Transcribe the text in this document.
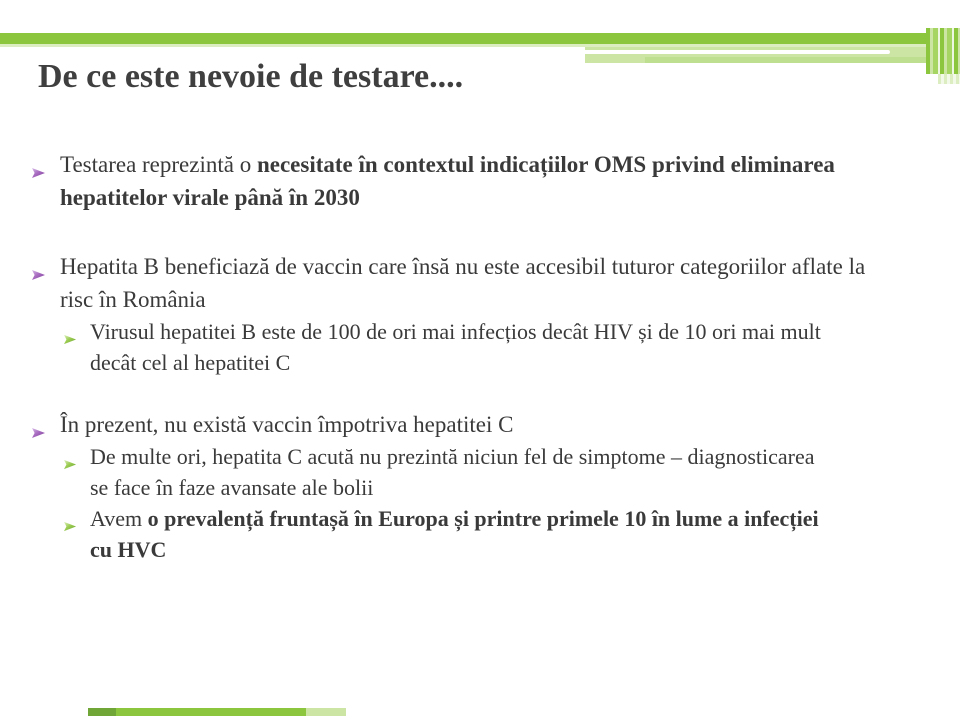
De ce este nevoie de testare....
Testarea reprezintă o necesitate în contextul indicațiilor OMS privind eliminarea
hepatitelor virale până în 2030
Hepatita B beneficiază de vaccin care însă nu este accesibil tuturor categoriilor aflate la
risc în România
Virusul hepatitei B este de 100 de ori mai infecțios decât HIV și de 10 ori mai mult
decât cel al hepatitei C
În prezent, nu există vaccin împotriva hepatitei C
De multe ori, hepatita C acută nu prezintă niciun fel de simptome – diagnosticarea
se face în faze avansate ale bolii
Avem o prevalență fruntașă în Europa și printre primele 10 în lume a infecției
cu HVC
